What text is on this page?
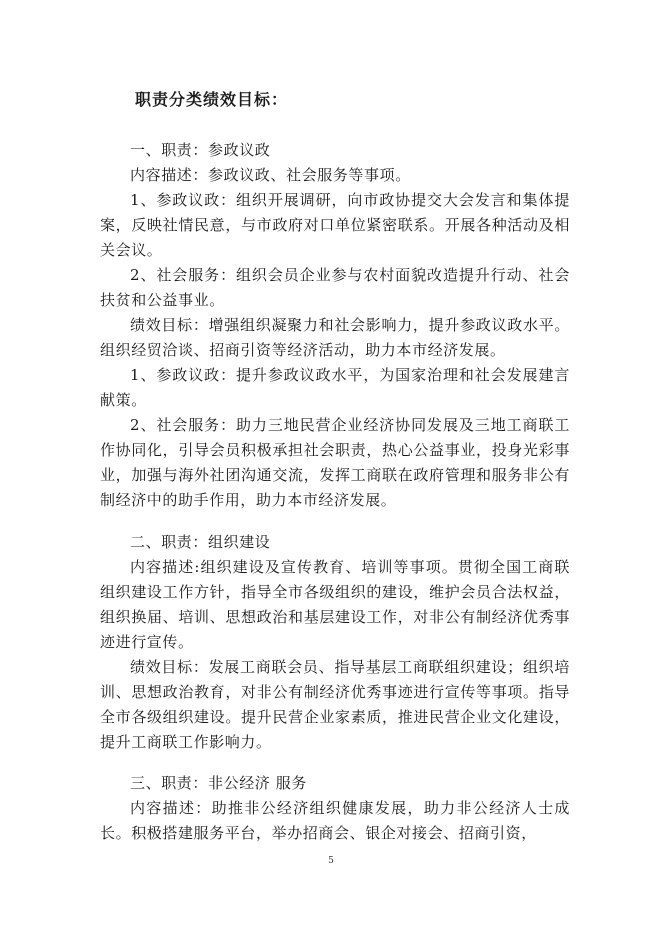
职责分类绩效目标：

一、职责：参政议政

内容描述：参政议政、社会服务等事项。

1、参政议政：组织开展调研，向市政协提交大会发言和集体提案，反映社情民意，与市政府对口单位紧密联系。开展各种活动及相关会议。

2、社会服务：组织会员企业参与农村面貌改造提升行动、社会扶贫和公益事业。

绩效目标：增强组织凝聚力和社会影响力，提升参政议政水平。组织经贸洽谈、招商引资等经济活动，助力本市经济发展。

1、参政议政：提升参政议政水平，为国家治理和社会发展建言献策。

2、社会服务：助力三地民营企业经济协同发展及三地工商联工作协同化，引导会员积极承担社会职责，热心公益事业，投身光彩事业，加强与海外社团沟通交流，发挥工商联在政府管理和服务非公有制经济中的助手作用，助力本市经济发展。

二、职责：组织建设

内容描述:组织建设及宣传教育、培训等事项。贯彻全国工商联组织建设工作方针，指导全市各级组织的建设，维护会员合法权益，组织换届、培训、思想政治和基层建设工作，对非公有制经济优秀事迹进行宣传。

绩效目标：发展工商联会员、指导基层工商联组织建设；组织培训、思想政治教育，对非公有制经济优秀事迹进行宣传等事项。指导全市各级组织建设。提升民营企业家素质，推进民营企业文化建设，提升工商联工作影响力。

三、职责：非公经济 服务

内容描述：助推非公经济组织健康发展，助力非公经济人士成长。积极搭建服务平台，举办招商会、银企对接会、招商引资，

5
